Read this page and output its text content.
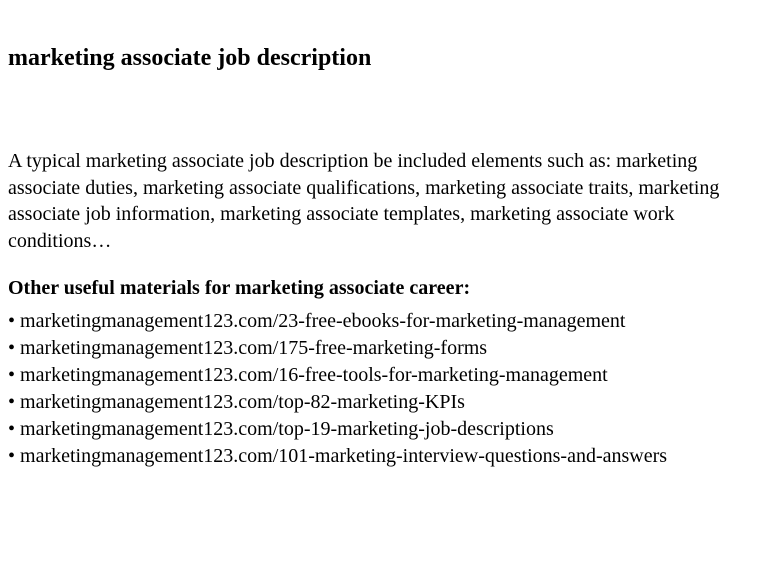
marketing associate job description

A typical marketing associate job description be included elements such as: marketing associate duties, marketing associate qualifications, marketing associate traits, marketing associate job information, marketing associate templates, marketing associate work conditions…

Other useful materials for marketing associate career:
• marketingmanagement123.com/23-free-ebooks-for-marketing-management
• marketingmanagement123.com/175-free-marketing-forms
• marketingmanagement123.com/16-free-tools-for-marketing-management
• marketingmanagement123.com/top-82-marketing-KPIs
• marketingmanagement123.com/top-19-marketing-job-descriptions
• marketingmanagement123.com/101-marketing-interview-questions-and-answers
